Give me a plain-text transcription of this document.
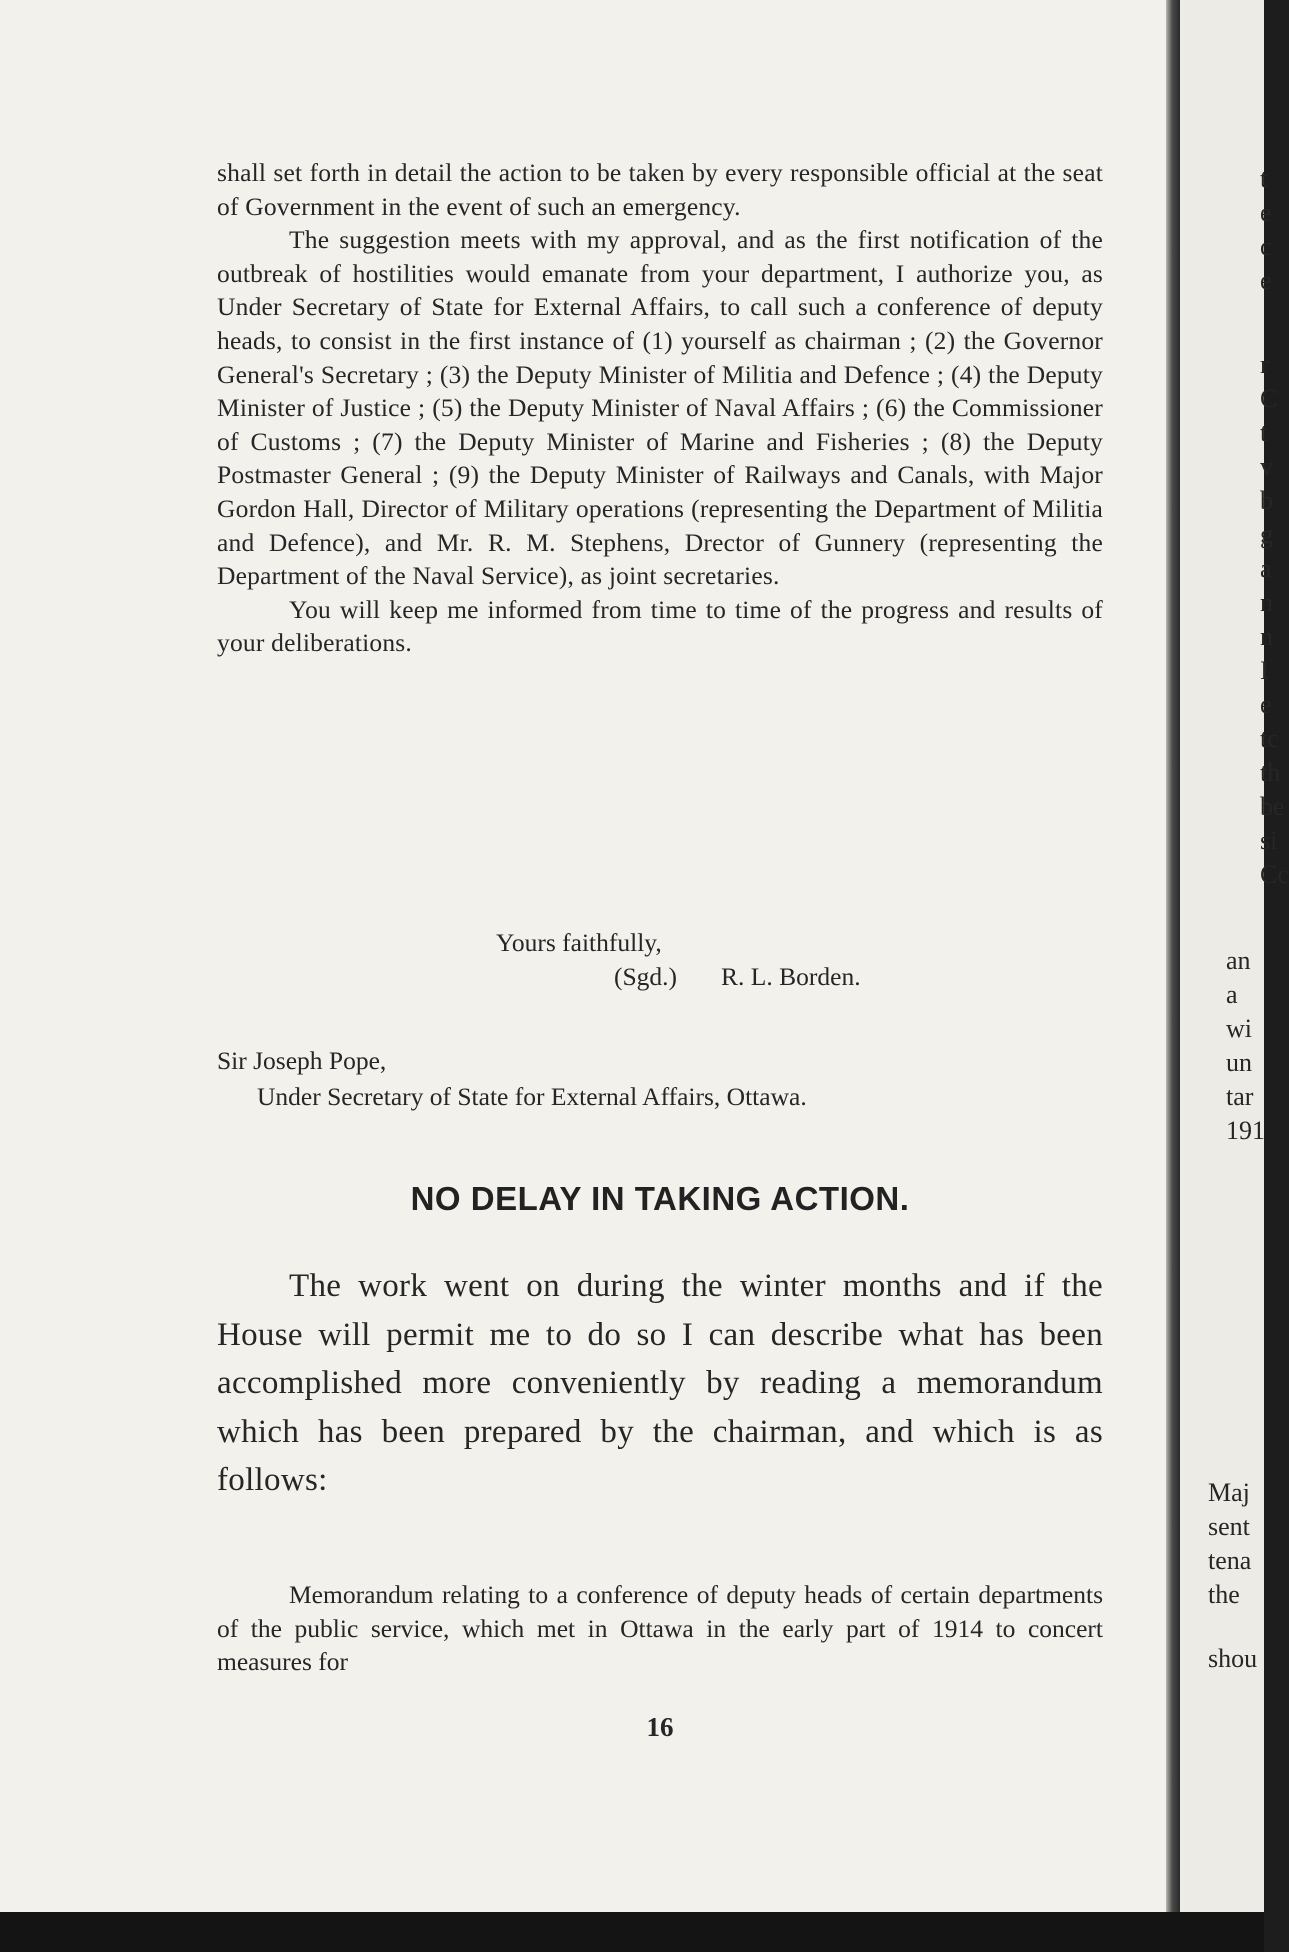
shall set forth in detail the action to be taken by every responsible official at the seat of Government in the event of such an emergency.

The suggestion meets with my approval, and as the first notification of the outbreak of hostilities would emanate from your department, I authorize you, as Under Secretary of State for External Affairs, to call such a conference of deputy heads, to consist in the first instance of (1) yourself as chairman ; (2) the Governor General's Secretary ; (3) the Deputy Minister of Militia and Defence ; (4) the Deputy Minister of Justice ; (5) the Deputy Minister of Naval Affairs ; (6) the Commissioner of Customs ; (7) the Deputy Minister of Marine and Fisheries ; (8) the Deputy Postmaster General ; (9) the Deputy Minister of Railways and Canals, with Major Gordon Hall, Director of Military operations (representing the Department of Militia and Defence), and Mr. R. M. Stephens, Drector of Gunnery (representing the Department of the Naval Service), as joint secretaries.

You will keep me informed from time to time of the progress and results of your deliberations.

Yours faithfully,
(Sgd.) R. L. Borden.
Sir Joseph Pope,
Under Secretary of State for External Affairs, Ottawa.
NO DELAY IN TAKING ACTION.

The work went on during the winter months and if the House will permit me to do so I can describe what has been accomplished more conveniently by reading a memorandum which has been prepared by the chairman, and which is as follows:

Memorandum relating to a conference of deputy heads of certain departments of the public service, which met in Ottawa in the early part of 1914 to concert measures for

16
t
e
c
e
r
C
t
v
b
g
a
n
n
I
e
tc
th
be
si
Cc
an
a
wi
un
tar
191
Maj
sent
tena
the
shou
